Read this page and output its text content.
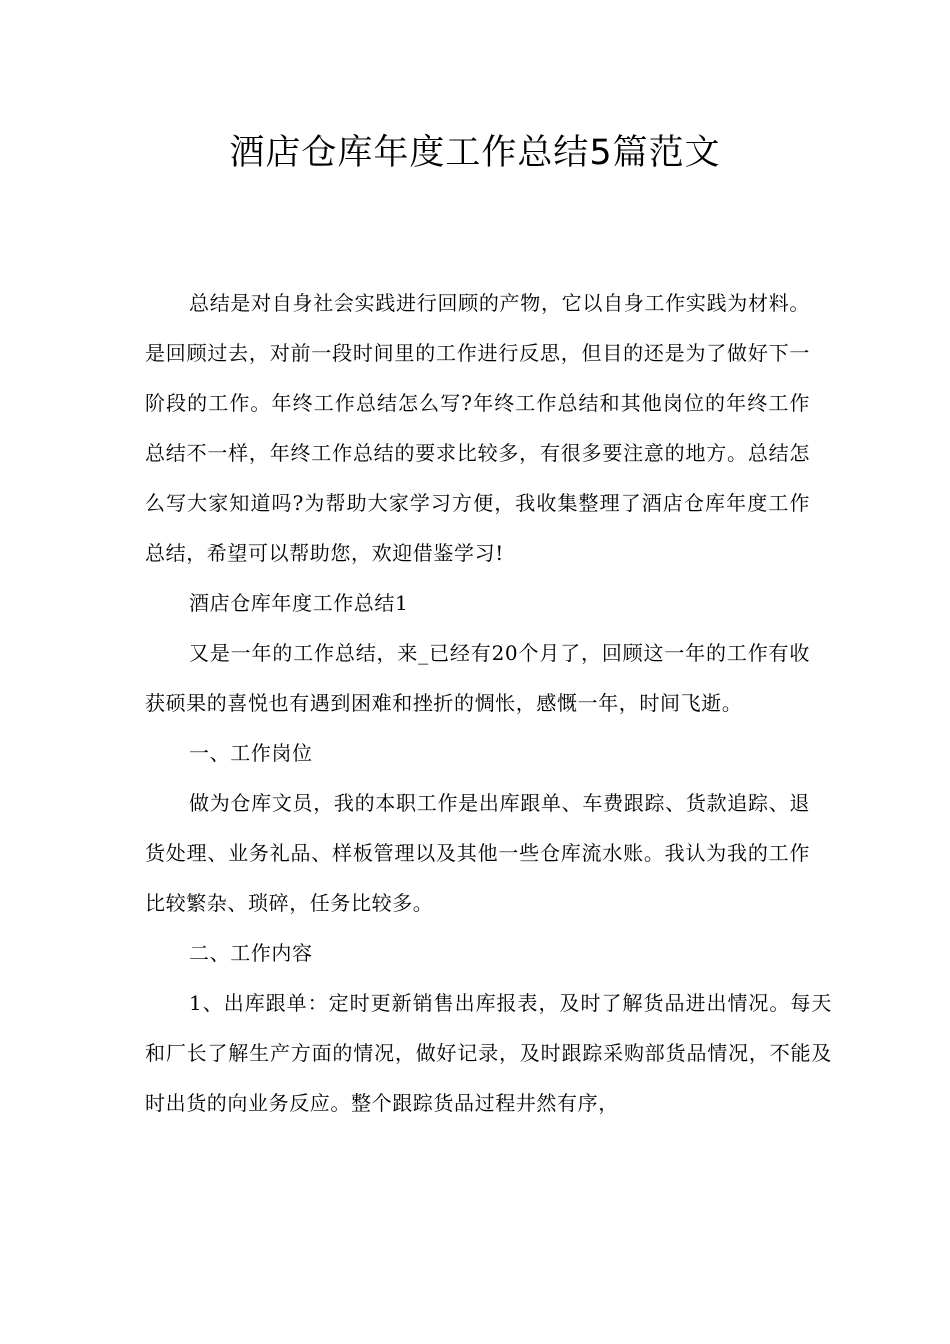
酒店仓库年度工作总结5篇范文

总结是对自身社会实践进行回顾的产物，它以自身工作实践为材料。是回顾过去，对前一段时间里的工作进行反思，但目的还是为了做好下一阶段的工作。年终工作总结怎么写?年终工作总结和其他岗位的年终工作总结不一样，年终工作总结的要求比较多，有很多要注意的地方。总结怎么写大家知道吗?为帮助大家学习方便，我收集整理了酒店仓库年度工作总结，希望可以帮助您，欢迎借鉴学习!

酒店仓库年度工作总结1

又是一年的工作总结，来_已经有20个月了，回顾这一年的工作有收获硕果的喜悦也有遇到困难和挫折的惆怅，感慨一年，时间飞逝。

一、工作岗位

做为仓库文员，我的本职工作是出库跟单、车费跟踪、货款追踪、退货处理、业务礼品、样板管理以及其他一些仓库流水账。我认为我的工作比较繁杂、琐碎，任务比较多。

二、工作内容

1、出库跟单：定时更新销售出库报表，及时了解货品进出情况。每天和厂长了解生产方面的情况，做好记录，及时跟踪采购部货品情况，不能及时出货的向业务反应。整个跟踪货品过程井然有序，
